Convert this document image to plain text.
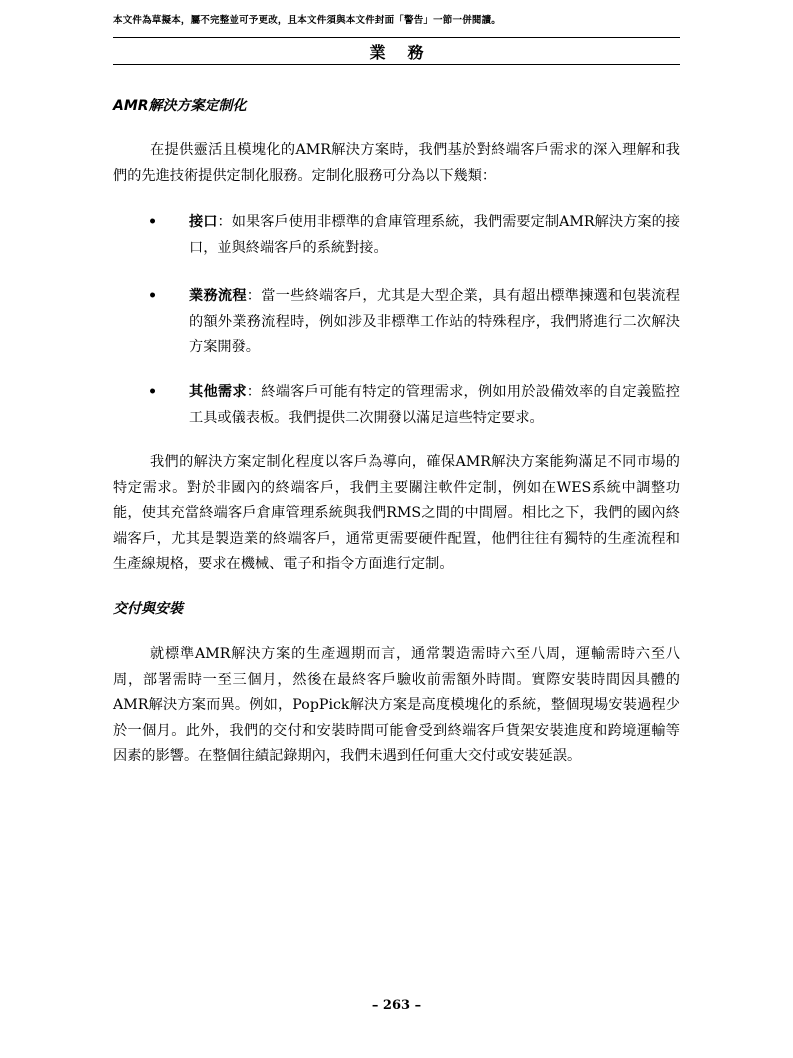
本文件為草擬本，屬不完整並可予更改，且本文件須與本文件封面「警告」一節一併閱讀。
業務
AMR解決方案定制化
在提供靈活且模塊化的AMR解決方案時，我們基於對終端客戶需求的深入理解和我們的先進技術提供定制化服務。定制化服務可分為以下幾類：
• 接口：如果客戶使用非標準的倉庫管理系統，我們需要定制AMR解決方案的接口，並與終端客戶的系統對接。
• 業務流程：當一些終端客戶，尤其是大型企業，具有超出標準揀選和包裝流程的額外業務流程時，例如涉及非標準工作站的特殊程序，我們將進行二次解決方案開發。
• 其他需求：終端客戶可能有特定的管理需求，例如用於設備效率的自定義監控工具或儀表板。我們提供二次開發以滿足這些特定要求。
我們的解決方案定制化程度以客戶為導向，確保AMR解決方案能夠滿足不同市場的特定需求。對於非國內的終端客戶，我們主要關注軟件定制，例如在WES系統中調整功能，使其充當終端客戶倉庫管理系統與我們RMS之間的中間層。相比之下，我們的國內終端客戶，尤其是製造業的終端客戶，通常更需要硬件配置，他們往往有獨特的生產流程和生產線規格，要求在機械、電子和指令方面進行定制。
交付與安裝
就標準AMR解決方案的生產週期而言，通常製造需時六至八周，運輸需時六至八周，部署需時一至三個月，然後在最終客戶驗收前需額外時間。實際安裝時間因具體的AMR解決方案而異。例如，PopPick解決方案是高度模塊化的系統，整個現場安裝過程少於一個月。此外，我們的交付和安裝時間可能會受到終端客戶貨架安裝進度和跨境運輸等因素的影響。在整個往績記錄期內，我們未遇到任何重大交付或安裝延誤。
– 263 –
